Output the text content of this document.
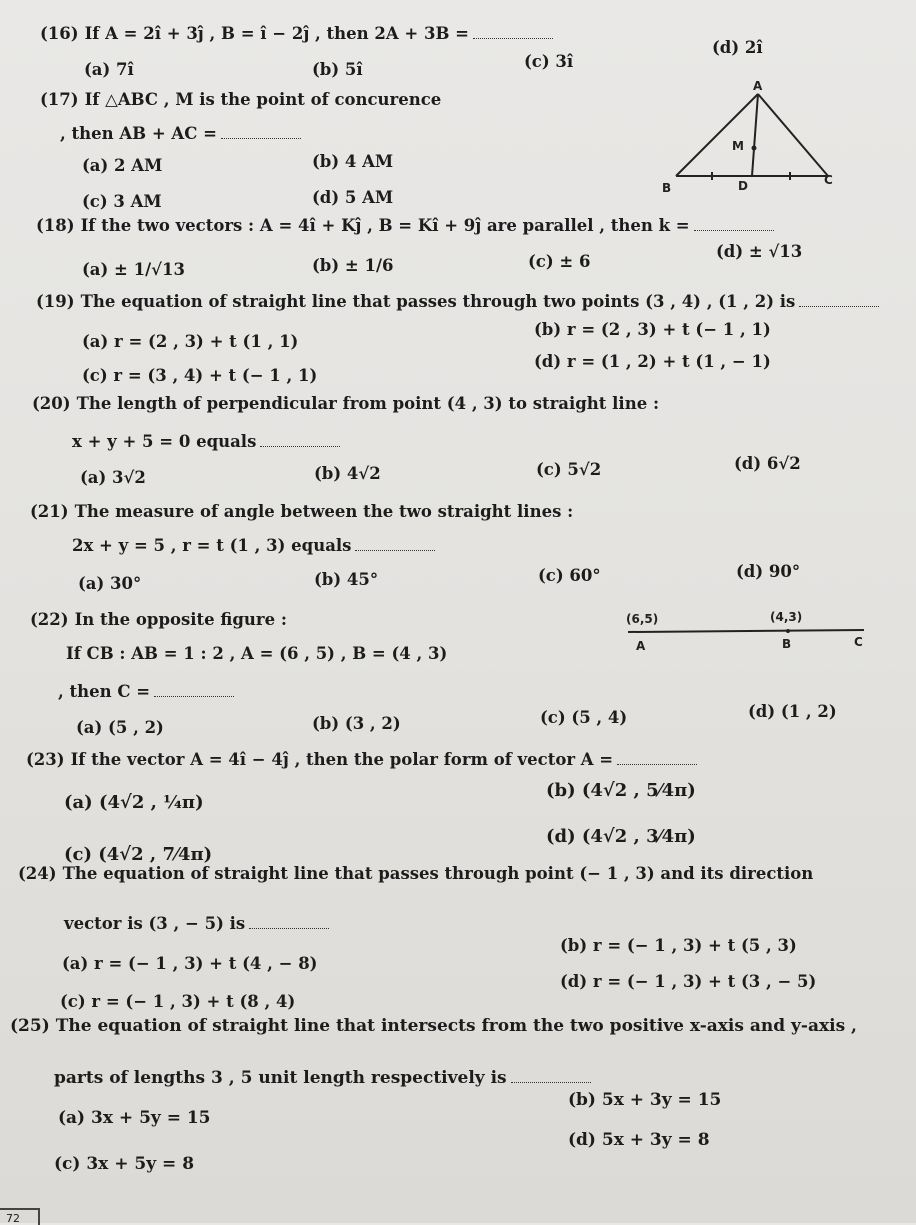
(16) If A = 2î + 3ĵ , B = î − 2ĵ , then 2A + 3B =
(a) 7î	(b) 5î	(c) 3î
(d) 2î
(17) If △ABC , M is the point of concurence
, then AB + AC =
(a) 2 AM	(b) 4 AM
(c) 3 AM	(d) 5 AM
A
B
C
D
M
(18) If the two vectors : A = 4î + Kĵ , B = Kî + 9ĵ are parallel , then k =
(a) ± 1/√13	(b) ± 1/6	(c) ± 6
(d) ± √13
(19) The equation of straight line that passes through two points (3 , 4) , (1 , 2) is
(a) r = (2 , 3) + t (1 , 1)
(b) r = (2 , 3) + t (− 1 , 1)
(c) r = (3 , 4) + t (− 1 , 1)
(d) r = (1 , 2) + t (1 , − 1)
(20) The length of perpendicular from point (4 , 3) to straight line :
x + y + 5 = 0 equals
(a) 3√2	(b) 4√2	(c) 5√2	(d) 6√2
(21) The measure of angle between the two straight lines :
2x + y = 5 , r = t (1 , 3) equals
(a) 30°	(b) 45°	(c) 60°	(d) 90°
(22) In the opposite figure :
If CB : AB = 1 : 2 , A = (6 , 5) , B = (4 , 3)
, then C =
(6,5)	(4,3)
A	B	C
(a) (5 , 2)	(b) (3 , 2)	(c) (5 , 4)	(d) (1 , 2)
(23) If the vector A = 4î − 4ĵ , then the polar form of vector A =
(a) (4√2 , ¼π)
(b) (4√2 , 5⁄4π)
(c) (4√2 , 7⁄4π)
(d) (4√2 , 3⁄4π)
(24) The equation of straight line that passes through point (− 1 , 3) and its direction
vector is (3 , − 5) is
(a) r = (− 1 , 3) + t (4 , − 8)
(b) r = (− 1 , 3) + t (5 , 3)
(c) r = (− 1 , 3) + t (8 , 4)
(d) r = (− 1 , 3) + t (3 , − 5)
(25) The equation of straight line that intersects from the two positive x-axis and y-axis ,
parts of lengths 3 , 5 unit length respectively is
(a) 3x + 5y = 15
(b) 5x + 3y = 15
(c) 3x + 5y = 8
(d) 5x + 3y = 8
72
